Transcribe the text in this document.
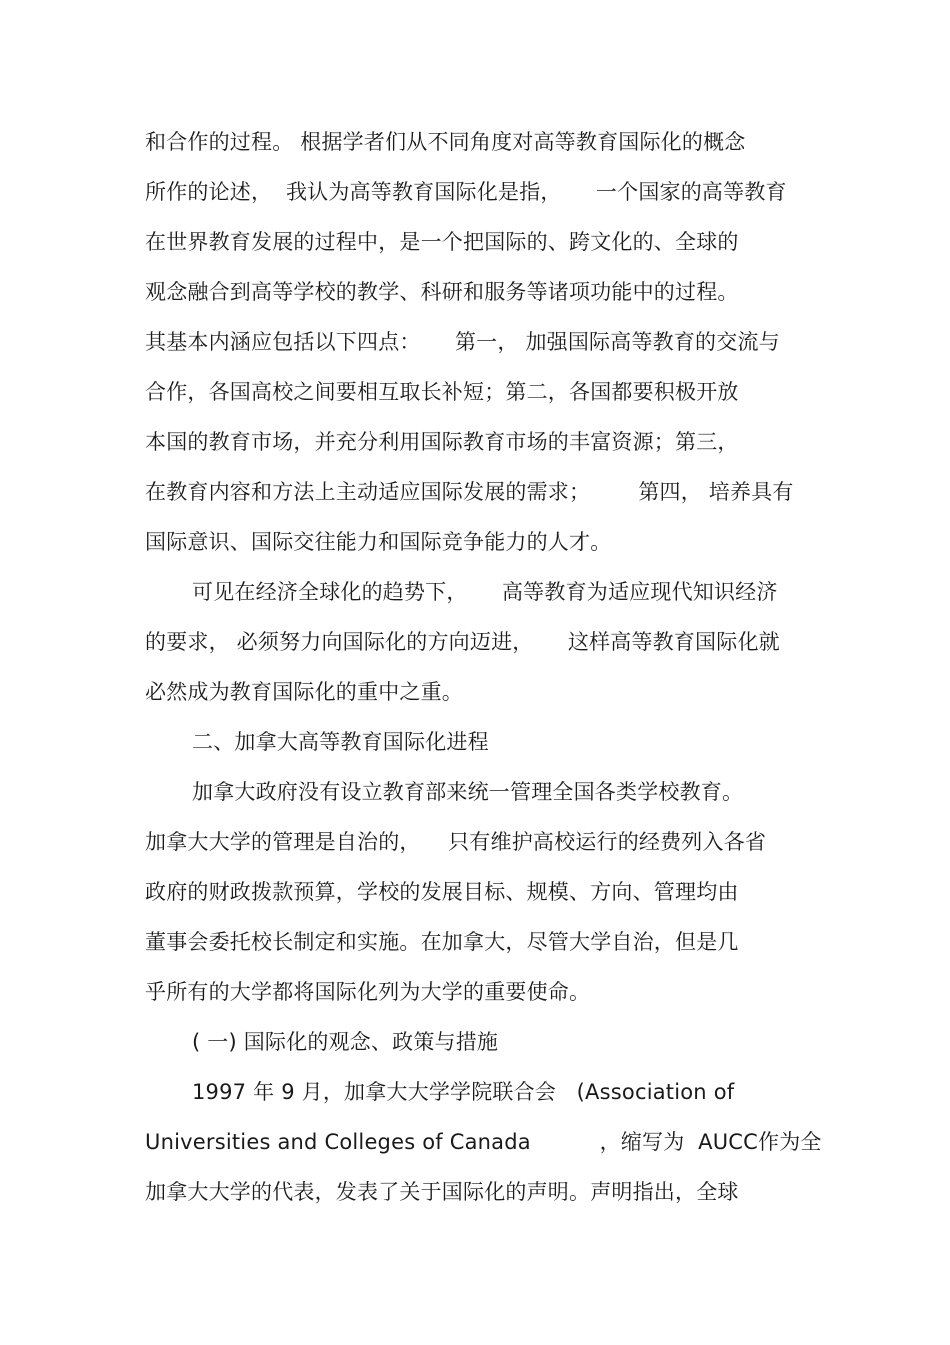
和合作的过程。 根据学者们从不同角度对高等教育国际化的概念
所作的论述，  我认为高等教育国际化是指，     一个国家的高等教育
在世界教育发展的过程中，是一个把国际的、跨文化的、全球的
观念融合到高等学校的教学、科研和服务等诸项功能中的过程。
其基本内涵应包括以下四点：     第一， 加强国际高等教育的交流与
合作，各国高校之间要相互取长补短；第二，各国都要积极开放
本国的教育市场，并充分利用国际教育市场的丰富资源；第三，
在教育内容和方法上主动适应国际发展的需求；       第四， 培养具有
国际意识、国际交往能力和国际竞争能力的人才。
可见在经济全球化的趋势下，     高等教育为适应现代知识经济
的要求， 必须努力向国际化的方向迈进，     这样高等教育国际化就
必然成为教育国际化的重中之重。
二、加拿大高等教育国际化进程
加拿大政府没有设立教育部来统一管理全国各类学校教育。
加拿大大学的管理是自治的，    只有维护高校运行的经费列入各省
政府的财政拨款预算，学校的发展目标、规模、方向、管理均由
董事会委托校长制定和实施。在加拿大，尽管大学自治，但是几
乎所有的大学都将国际化列为大学的重要使命。
( 一) 国际化的观念、政策与措施
1997 年 9 月，加拿大大学学院联合会   (Association of
Universities and Colleges of Canada          ，缩写为  AUCC作为全
加拿大大学的代表，发表了关于国际化的声明。声明指出，全球
